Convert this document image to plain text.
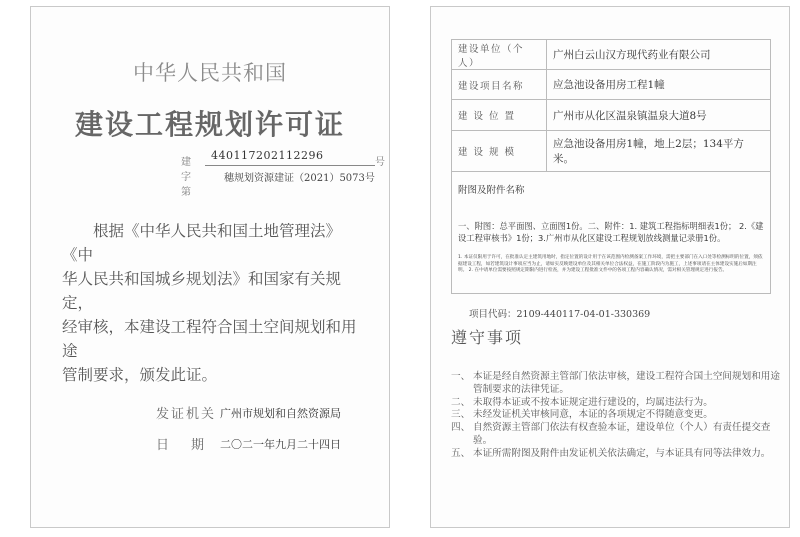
中华人民共和国
建设工程规划许可证
建字第
440117202112296
号
穗规划资源建证（2021）5073号
根据《中华人民共和国土地管理法》《中
华人民共和国城乡规划法》和国家有关规定，
经审核，本建设工程符合国土空间规划和用途
管制要求，颁发此证。
发证机关 广州市规划和自然资源局
日期
二〇二一年九月二十四日
建设单位（个人）	广州白云山汉方现代药业有限公司
建设项目名称	应急池设备用房工程1幢
建 设 位 置	广州市从化区温泉镇温泉大道8号
建 设 规 模	应急池设备用房1幢，地上2层；134平方米。

附图及附件名称
一、附图：总平面图、立面图1份。二、附件：1. 建筑工程指标明细表1份； 2.《建设工程审核书》1份；3.广州市从化区建设工程规划放线测量记录册1份。
1. 本证仅限用于许可，在批准认定主建筑用地时，指定位置的设计用于在该范围内检测备案工作环境，需把主要部门在入口处等检测标明的位置，须依据建设工程，如若建筑设计事项应当为止，请如实反映建设单位及其相关单位合法权益，在施工阶段内为施工，上述事项请在主体建设实施后如期注明。 2. 在中请单位需要按照规定期限内进行检查，并为建设工程批准文件中的各项工程内容确认情况，需对相关管理规定进行报告。	
项目代码：2109-440117-04-01-330369
遵守事项
一、 本证是经自然资源主管部门依法审核，建设工程符合国土空间规划和用途管制要求的法律凭证。
二、 未取得本证或不按本证规定进行建设的，均属违法行为。
三、 未经发证机关审核同意，本证的各项规定不得随意变更。
四、 自然资源主管部门依法有权查验本证，建设单位（个人）有责任提交查验。
五、 本证所需附图及附件由发证机关依法确定，与本证具有同等法律效力。
